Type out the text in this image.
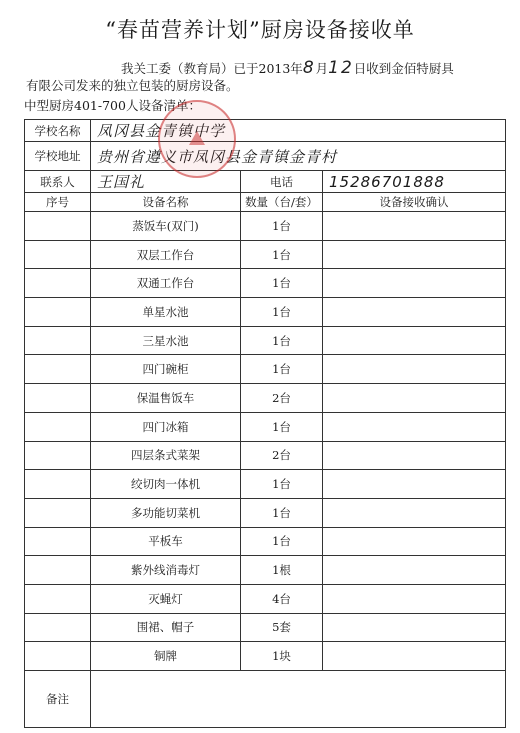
“春苗营养计划”厨房设备接收单
我关工委（教育局）已于2013年8月12日收到金佰特厨具
有限公司发来的独立包装的厨房设备。
中型厨房401-700人设备清单：
学校名称	凤冈县金青镇中学		
学校地址	贵州省遵义市凤冈县金青镇金青村		
联系人	王国礼	电话	15286701888
序号	设备名称	数量（台/套）	设备接收确认
	蒸饭车(双门)	1台	
	双层工作台	1台	
	双通工作台	1台	
	单星水池	1台	
	三星水池	1台	
	四门碗柜	1台	
	保温售饭车	2台	
	四门冰箱	1台	
	四层条式菜架	2台	
	绞切肉一体机	1台	
	多功能切菜机	1台	
	平板车	1台	
	紫外线消毒灯	1根	
	灭蝇灯	4台	
	围裙、帽子	5套	
	铜牌	1块	
备注			
